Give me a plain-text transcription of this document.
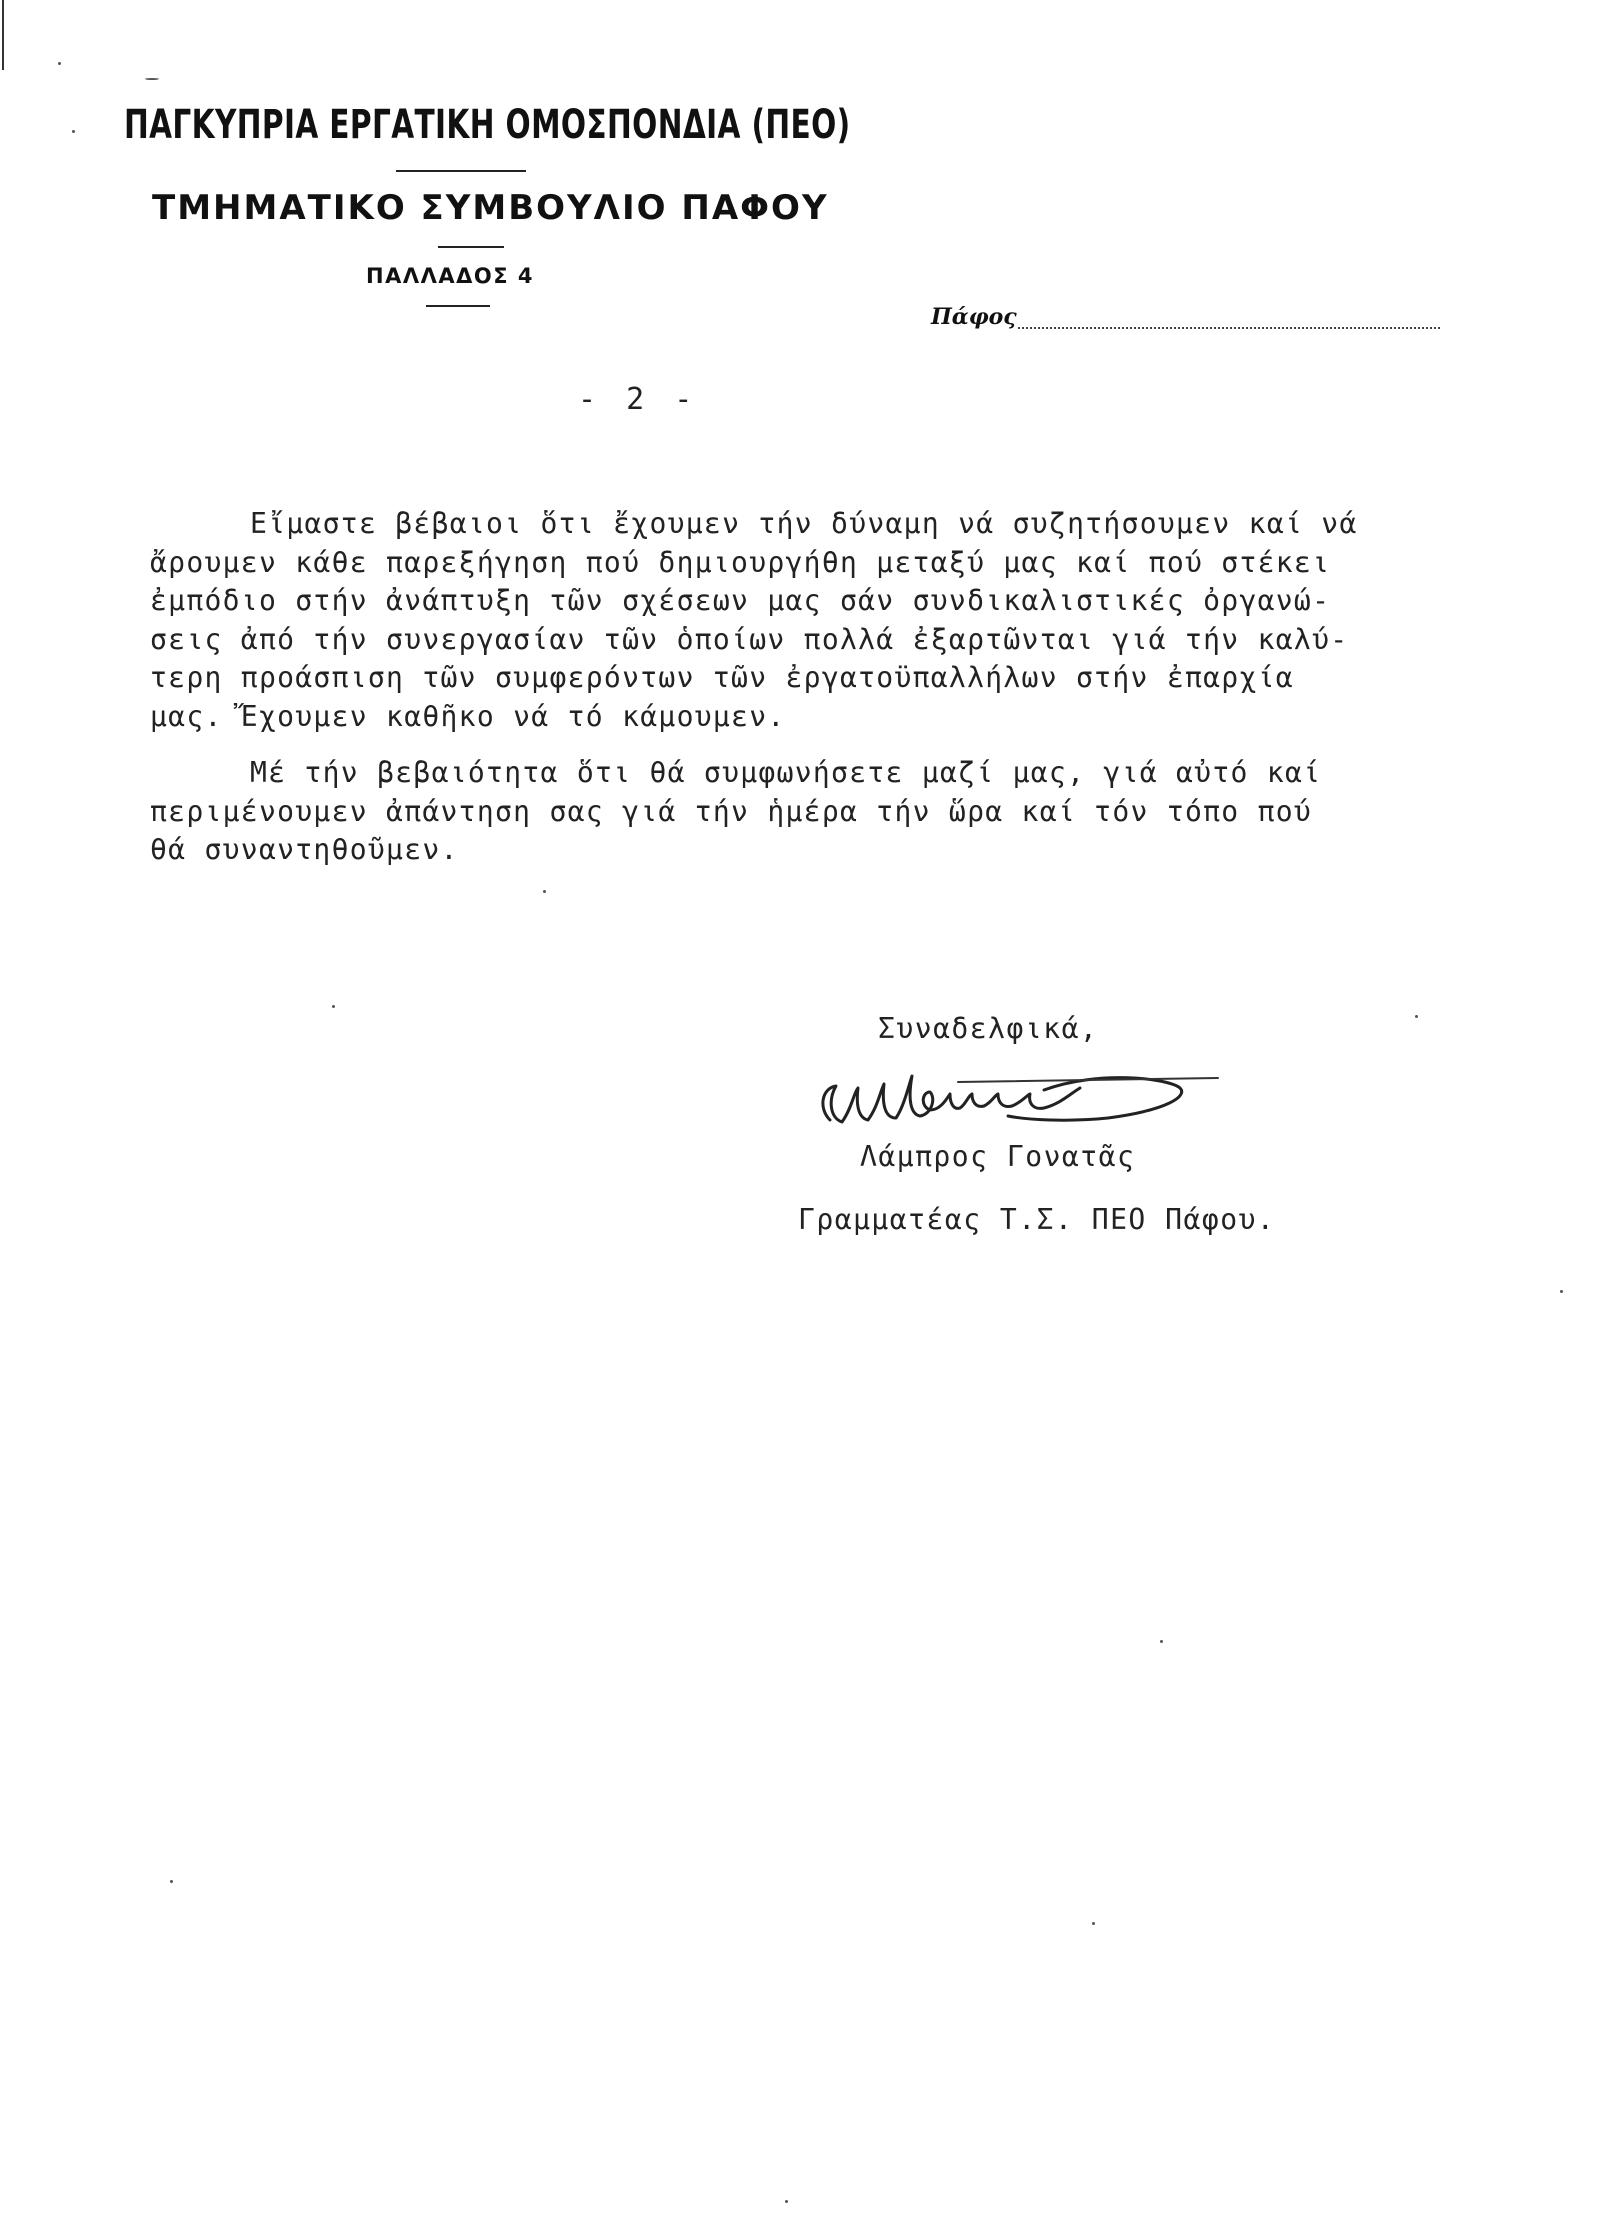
ΠΑΓΚΥΠΡΙΑ ΕΡΓΑΤΙΚΗ ΟΜΟΣΠΟΝΔΙΑ (ΠΕΟ)
ΤΜΗΜΑΤΙΚΟ ΣΥΜΒΟΥΛΙΟ ΠΑΦΟΥ
ΠΑΛΛΑΔΟΣ 4
Πάφος
- 2 -
Εἴμαστε βέβαιοι ὅτι ἔχουμεν τήν δύναμη νά συζητήσουμεν καί νά
ἄρουμεν κάθε παρεξήγηση πού δημιουργήθη μεταξύ μας καί πού στέκει
ἐμπόδιο στήν ἀνάπτυξη τῶν σχέσεων μας σάν συνδικαλιστικές ὀργανώ-
σεις ἀπό τήν συνεργασίαν τῶν ὁποίων πολλά ἐξαρτῶνται γιά τήν καλύ-
τερη προάσπιση τῶν συμφερόντων τῶν ἐργατοϋπαλλήλων στήν ἐπαρχία
μας. Ἔχουμεν καθῆκο νά τό κάμουμεν.
Μέ τήν βεβαιότητα ὅτι θά συμφωνήσετε μαζί μας, γιά αὐτό καί
περιμένουμεν ἀπάντηση σας γιά τήν ἡμέρα τήν ὥρα καί τόν τόπο πού
θά συναντηθοῦμεν.
Συναδελφικά,
Λάμπρος Γονατᾶς
Γραμματέας Τ.Σ. ΠΕΟ Πάφου.
